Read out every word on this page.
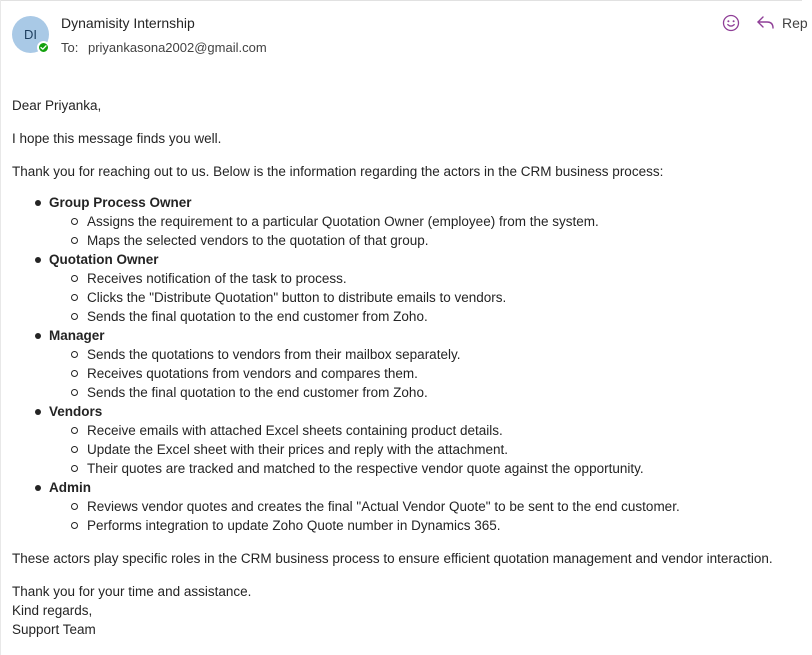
DI
Dynamisity Internship
To: priyankasona2002@gmail.com
Rep

Dear Priyanka,

I hope this message finds you well.

Thank you for reaching out to us. Below is the information regarding the actors in the CRM business process:

Group Process Owner
Assigns the requirement to a particular Quotation Owner (employee) from the system.
Maps the selected vendors to the quotation of that group.
Quotation Owner
Receives notification of the task to process.
Clicks the "Distribute Quotation" button to distribute emails to vendors.
Sends the final quotation to the end customer from Zoho.
Manager
Sends the quotations to vendors from their mailbox separately.
Receives quotations from vendors and compares them.
Sends the final quotation to the end customer from Zoho.
Vendors
Receive emails with attached Excel sheets containing product details.
Update the Excel sheet with their prices and reply with the attachment.
Their quotes are tracked and matched to the respective vendor quote against the opportunity.
Admin
Reviews vendor quotes and creates the final "Actual Vendor Quote" to be sent to the end customer.
Performs integration to update Zoho Quote number in Dynamics 365.

These actors play specific roles in the CRM business process to ensure efficient quotation management and vendor interaction.

Thank you for your time and assistance.

Kind regards,

Support Team
